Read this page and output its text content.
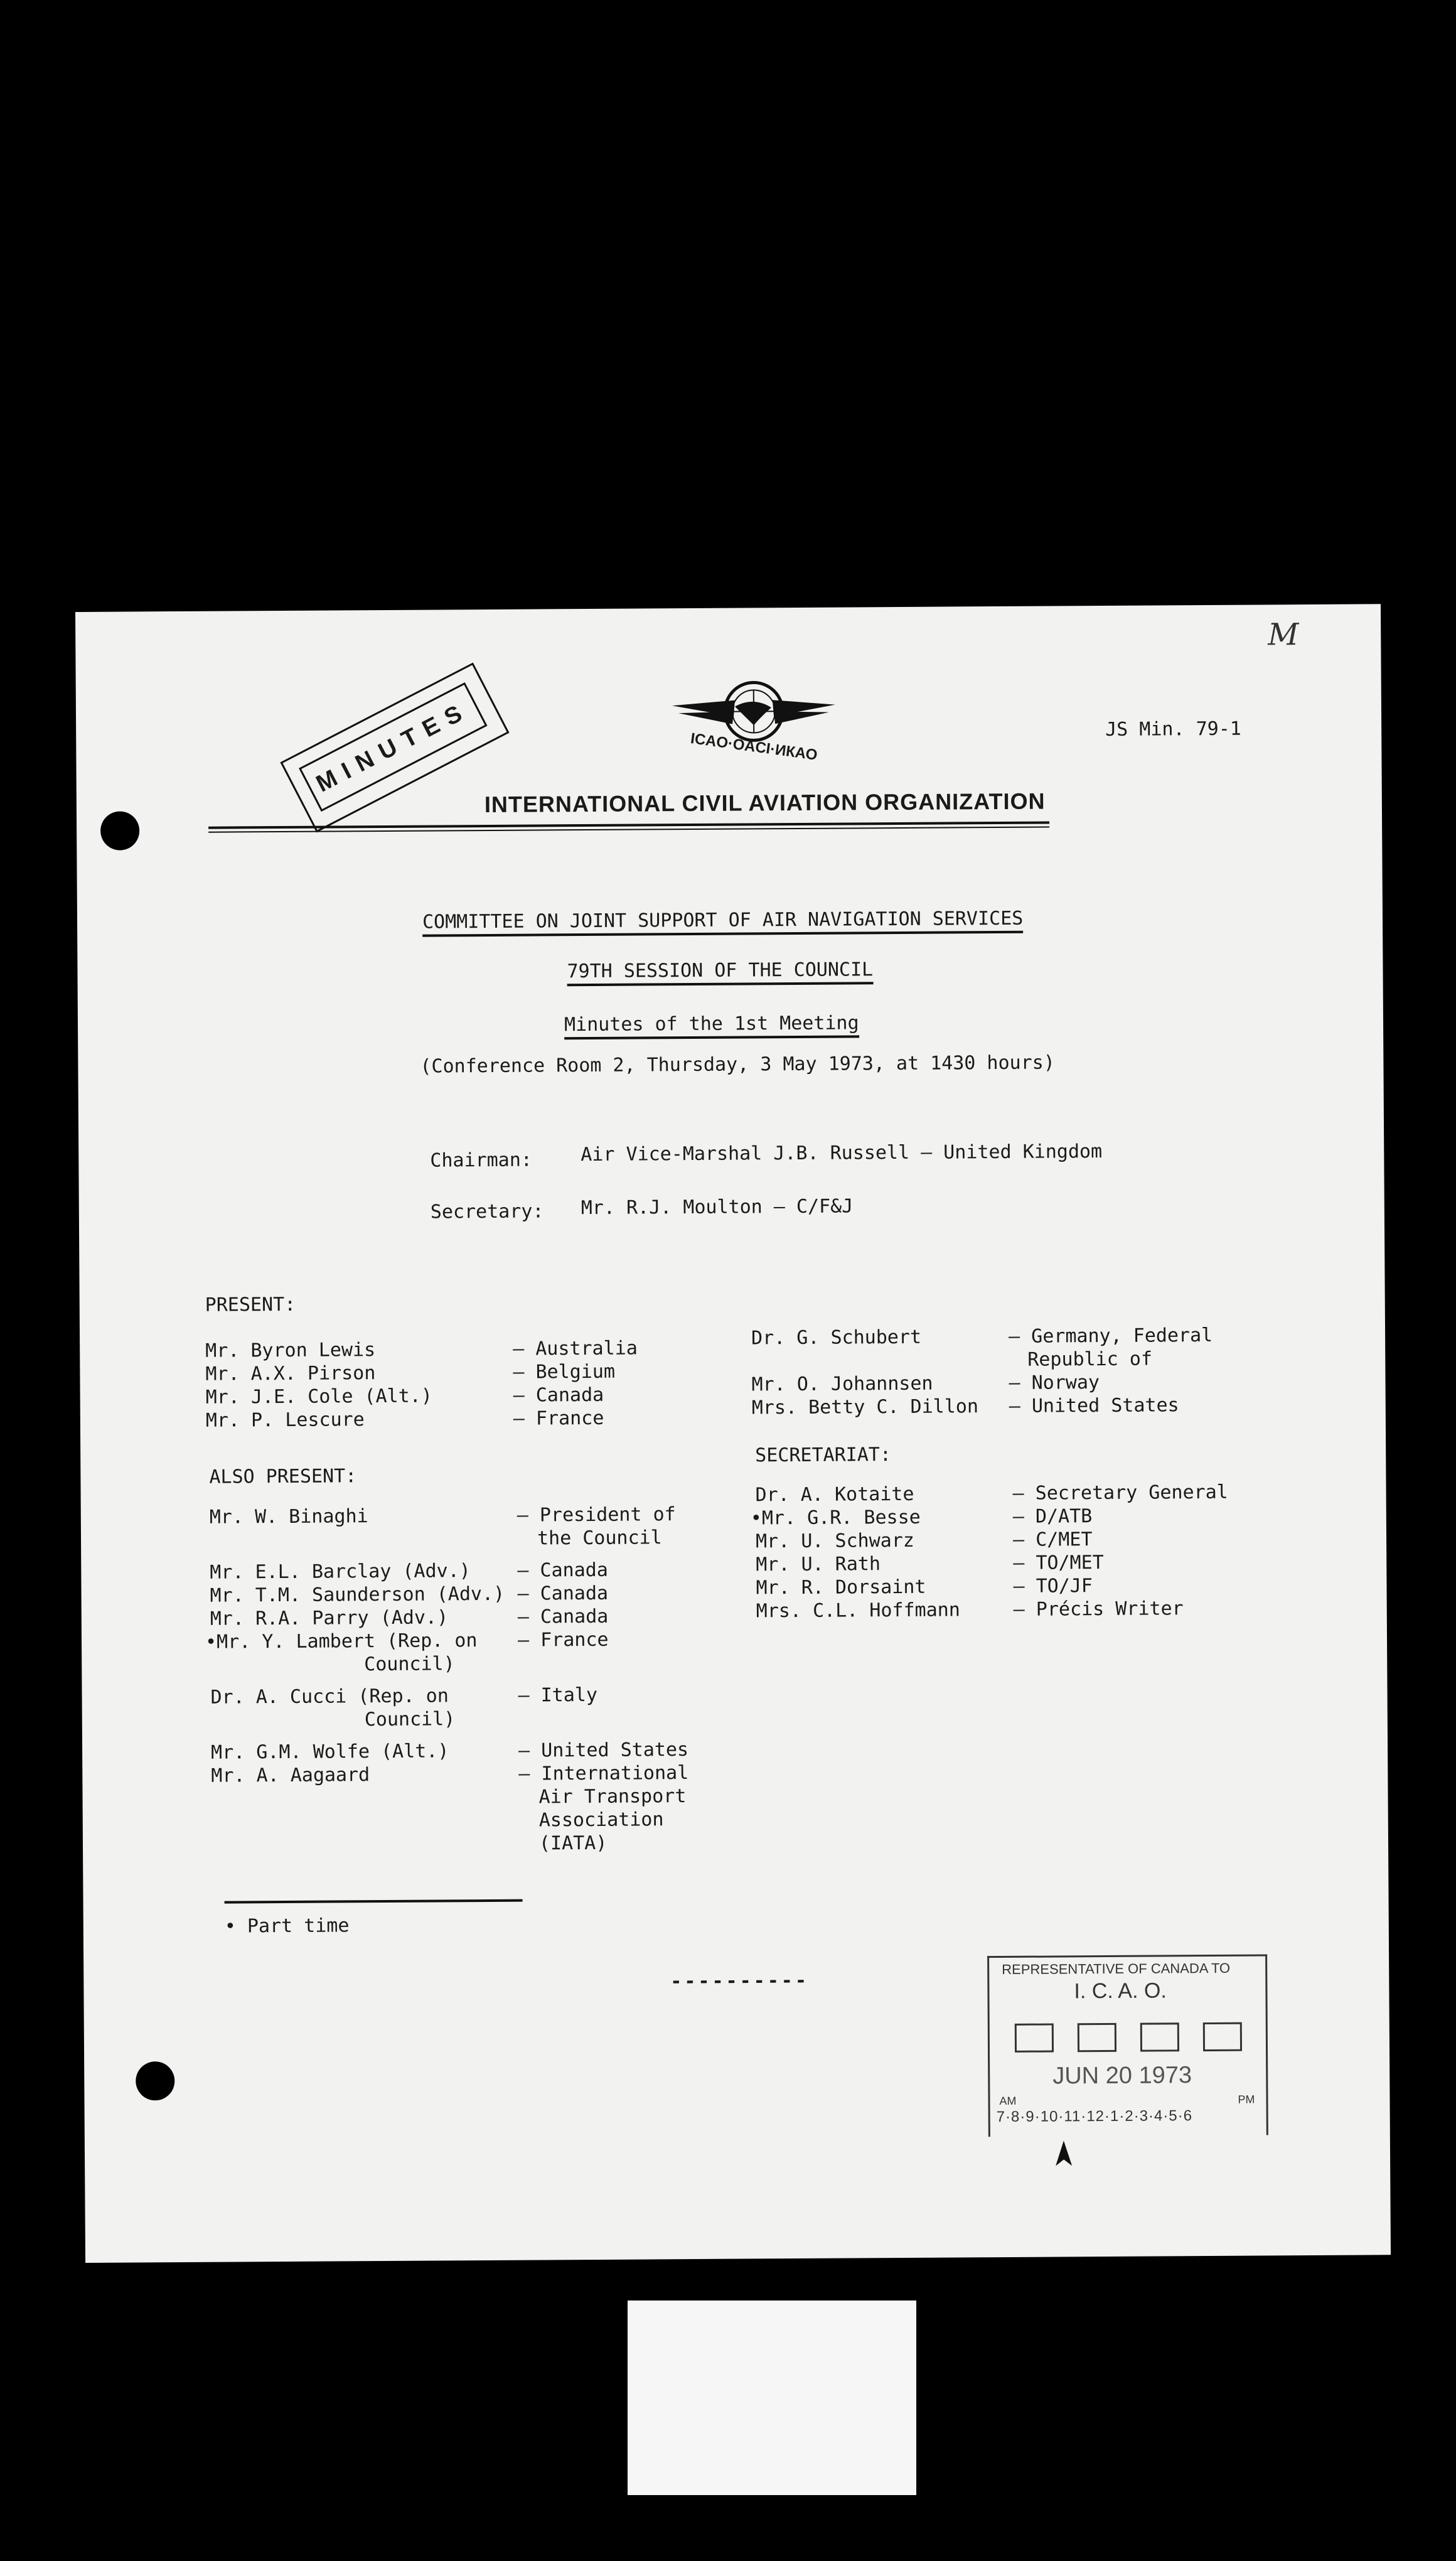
M
JS Min. 79-1
MINUTES	ICAO·OACI·ИКАО
INTERNATIONAL CIVIL AVIATION ORGANIZATION
COMMITTEE ON JOINT SUPPORT OF AIR NAVIGATION SERVICES
79TH SESSION OF THE COUNCIL
Minutes of the 1st Meeting
(Conference Room 2, Thursday, 3 May 1973, at 1430 hours)
Chairman:	Air Vice-Marshal J.B. Russell — United Kingdom
Secretary: Mr. R.J. Moulton — C/F&J
PRESENT:
Mr. Byron Lewis	— Australia
Mr. A.X. Pirson	— Belgium
Mr. J.E. Cole (Alt.)	— Canada
Mr. P. Lescure	— France
Dr. G. Schubert	— Germany, Federal
Republic of
Mr. O. Johannsen	— Norway
Mrs. Betty C. Dillon — United States
ALSO PRESENT:
Mr. W. Binaghi	— President of
the Council
Mr. E.L. Barclay (Adv.) — Canada
Mr. T.M. Saunderson (Adv.) — Canada
Mr. R.A. Parry (Adv.)	— Canada
•Mr. Y. Lambert (Rep. on — France
Council)
Dr. A. Cucci (Rep. on	— Italy
Council)
Mr. G.M. Wolfe (Alt.)	— United States
Mr. A. Aagaard	— International
Air Transport
Association
(IATA)
SECRETARIAT:
Dr. A. Kotaite	— Secretary General
•Mr. G.R. Besse	— D/ATB
Mr. U. Schwarz	— C/MET
Mr. U. Rath	— TO/MET
Mr. R. Dorsaint	— TO/JF
Mrs. C.L. Hoffmann	— Précis Writer
• Part time
----------
REPRESENTATIVE OF CANADA TO
I. C. A. O.
JUN 20 1973
AM	PM
7·8·9·10·11·12·1·2·3·4·5·6
